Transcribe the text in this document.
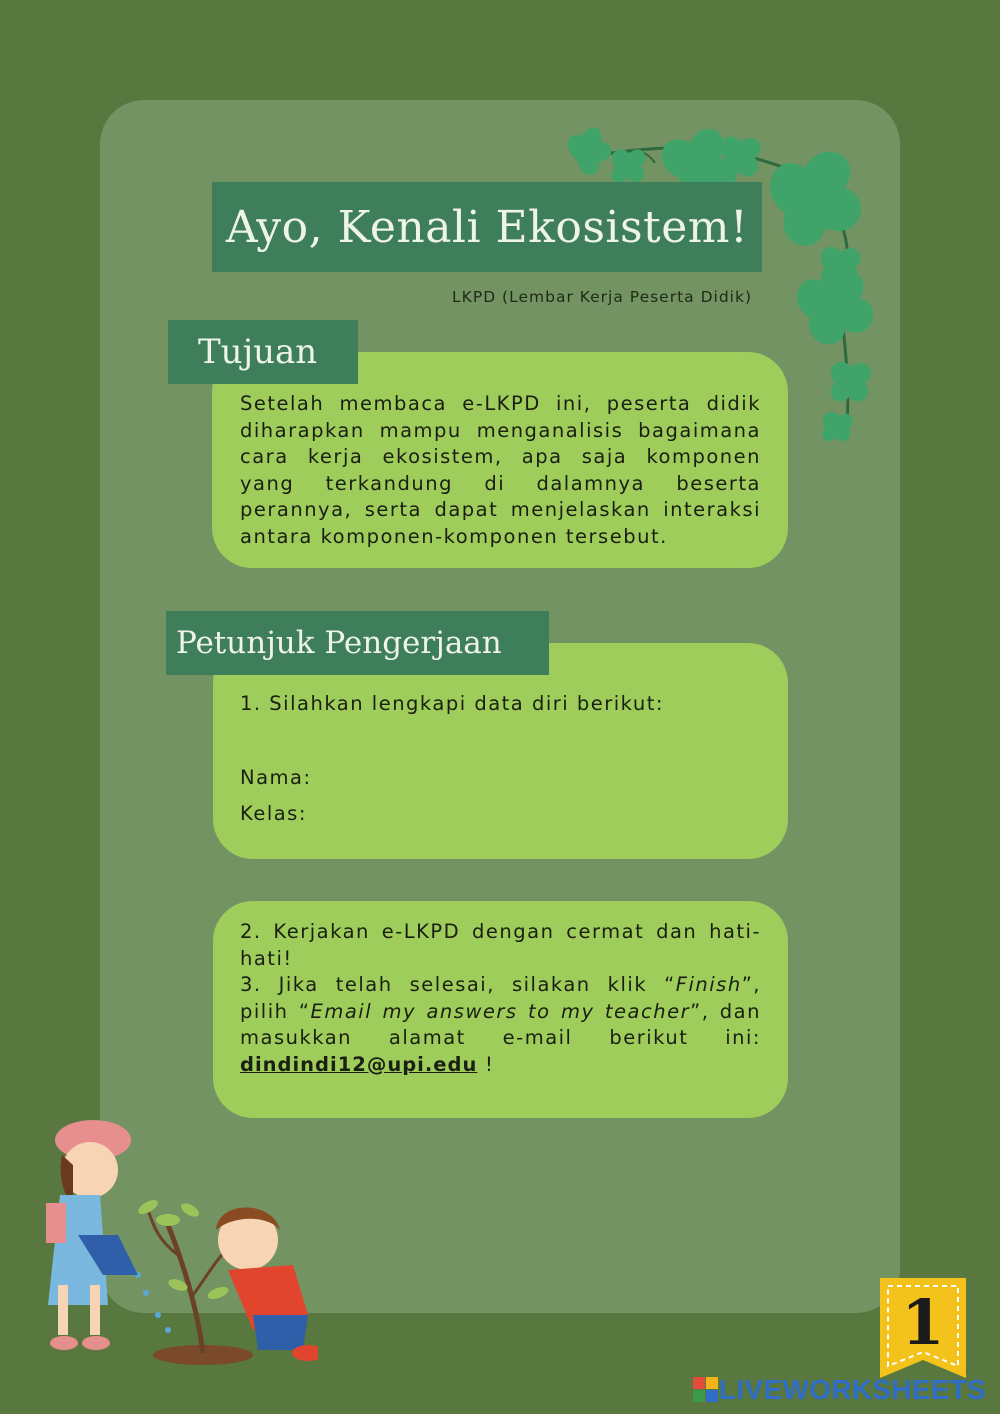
Ayo, Kenali Ekosistem!
LKPD (Lembar Kerja Peserta Didik)
Setelah membaca e-LKPD ini, peserta didik diharapkan mampu menganalisis bagaimana cara kerja ekosistem, apa saja komponen yang terkandung di dalamnya beserta perannya, serta dapat menjelaskan interaksi antara komponen-komponen tersebut.
Tujuan
1. Silahkan lengkapi data diri berikut:
Nama:
Kelas:
Petunjuk Pengerjaan
2. Kerjakan e-LKPD dengan cermat dan hati-hati!
3. Jika telah selesai, silakan klik “Finish”, pilih “Email my answers to my teacher”, dan masukkan alamat e-mail berikut ini: dindindi12@upi.edu !
1
LIVEWORKSHEETS
